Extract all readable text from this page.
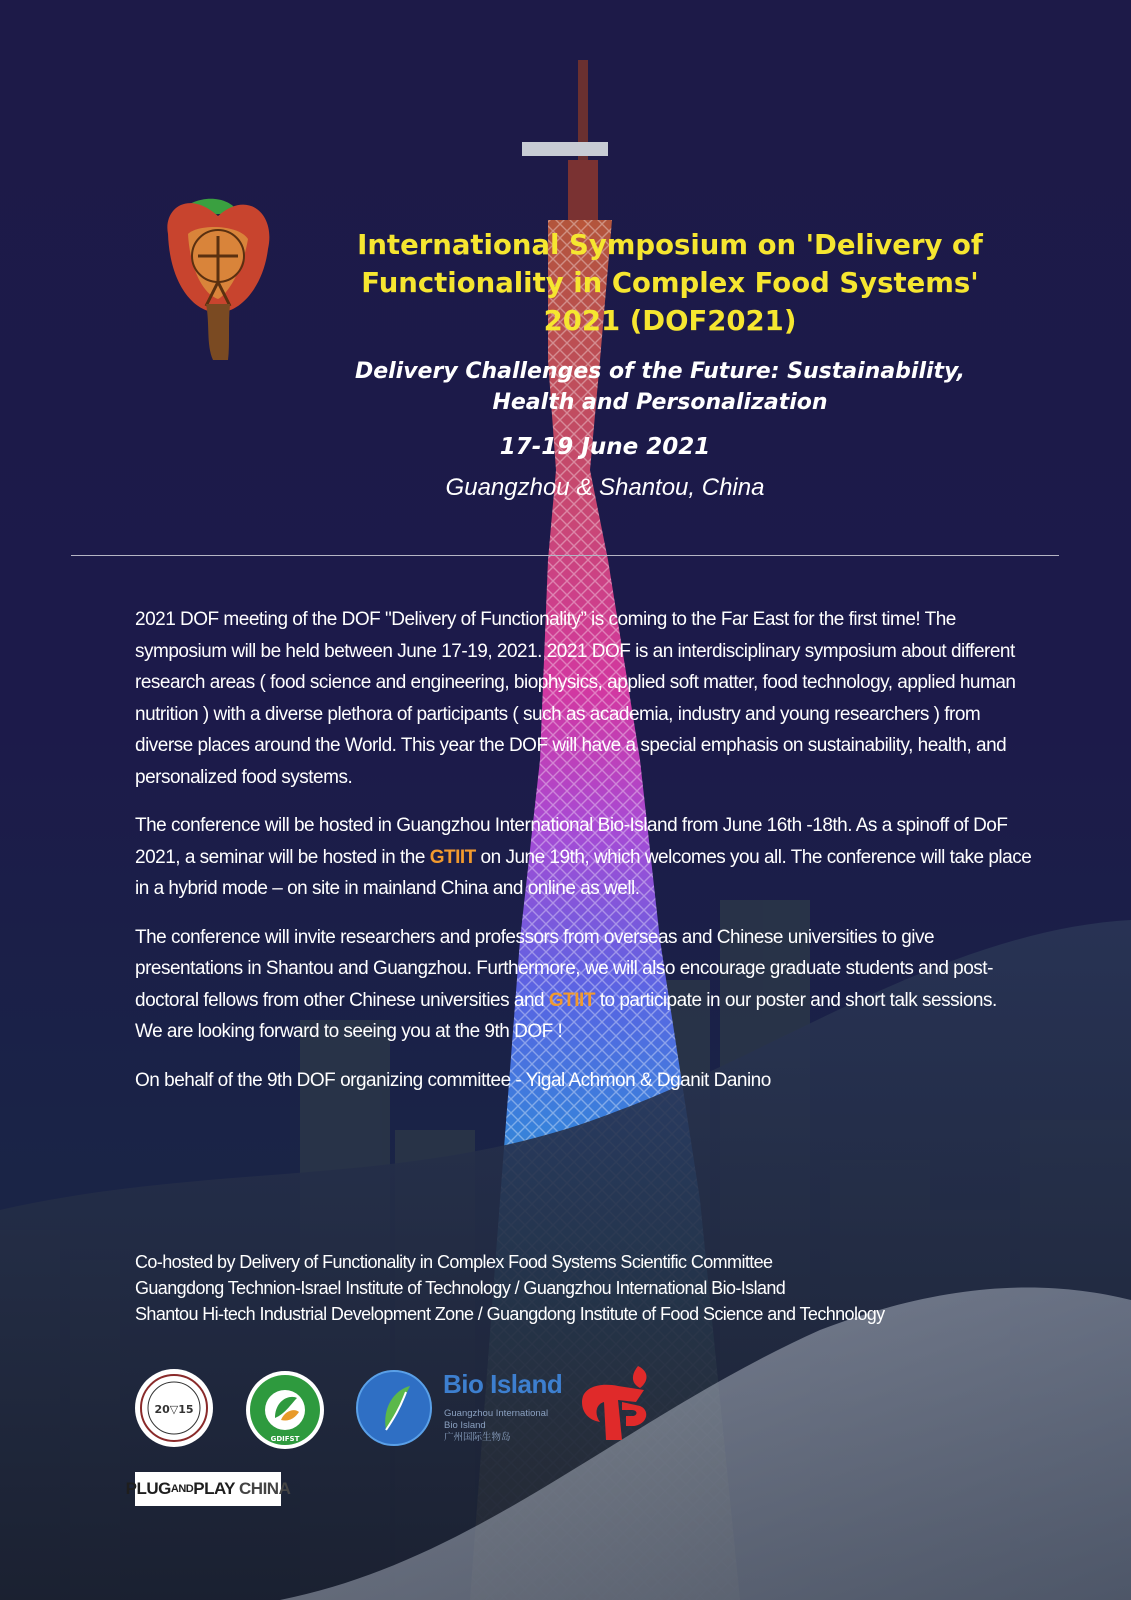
International Symposium on 'Delivery of
Functionality in Complex Food Systems'
2021 (DOF2021)
Delivery Challenges of the Future: Sustainability,
Health and Personalization
17-19 June 2021
Guangzhou & Shantou, China

2021 DOF meeting of the DOF "Delivery of Functionality” is coming to the Far East for the first time! The symposium will be held between June 17-19, 2021. 2021 DOF is an interdisciplinary symposium about different research areas ( food science and engineering, biophysics, applied soft matter, food technology, applied human nutrition ) with a diverse plethora of participants ( such as academia, industry and young researchers ) from diverse places around the World. This year the DOF will have a special emphasis on sustainability, health, and personalized food systems.

The conference will be hosted in Guangzhou International Bio-Island from June 16th -18th. As a spinoff of DoF 2021, a seminar will be hosted in the GTIIT on June 19th, which welcomes you all. The conference will take place in a hybrid mode – on site in mainland China and online as well.

The conference will invite researchers and professors from overseas and Chinese universities to give presentations in Shantou and Guangzhou. Furthermore, we will also encourage graduate students and post-doctoral fellows from other Chinese universities and GTIIT to participate in our poster and short talk sessions.

We are looking forward to seeing you at the 9th DOF !

On behalf of the 9th DOF organizing committee - Yigal Achmon & Dganit Danino

Co-hosted by Delivery of Functionality in Complex Food Systems Scientific Committee
Guangdong Technion-Israel Institute of Technology / Guangzhou International Bio-Island
Shantou Hi-tech Industrial Development Zone / Guangdong Institute of Food Science and Technology
20▽15
GDIFST
Bio Island
Guangzhou International
Bio Island
广州国际生物岛
PLUG AND PLAY CHINA
